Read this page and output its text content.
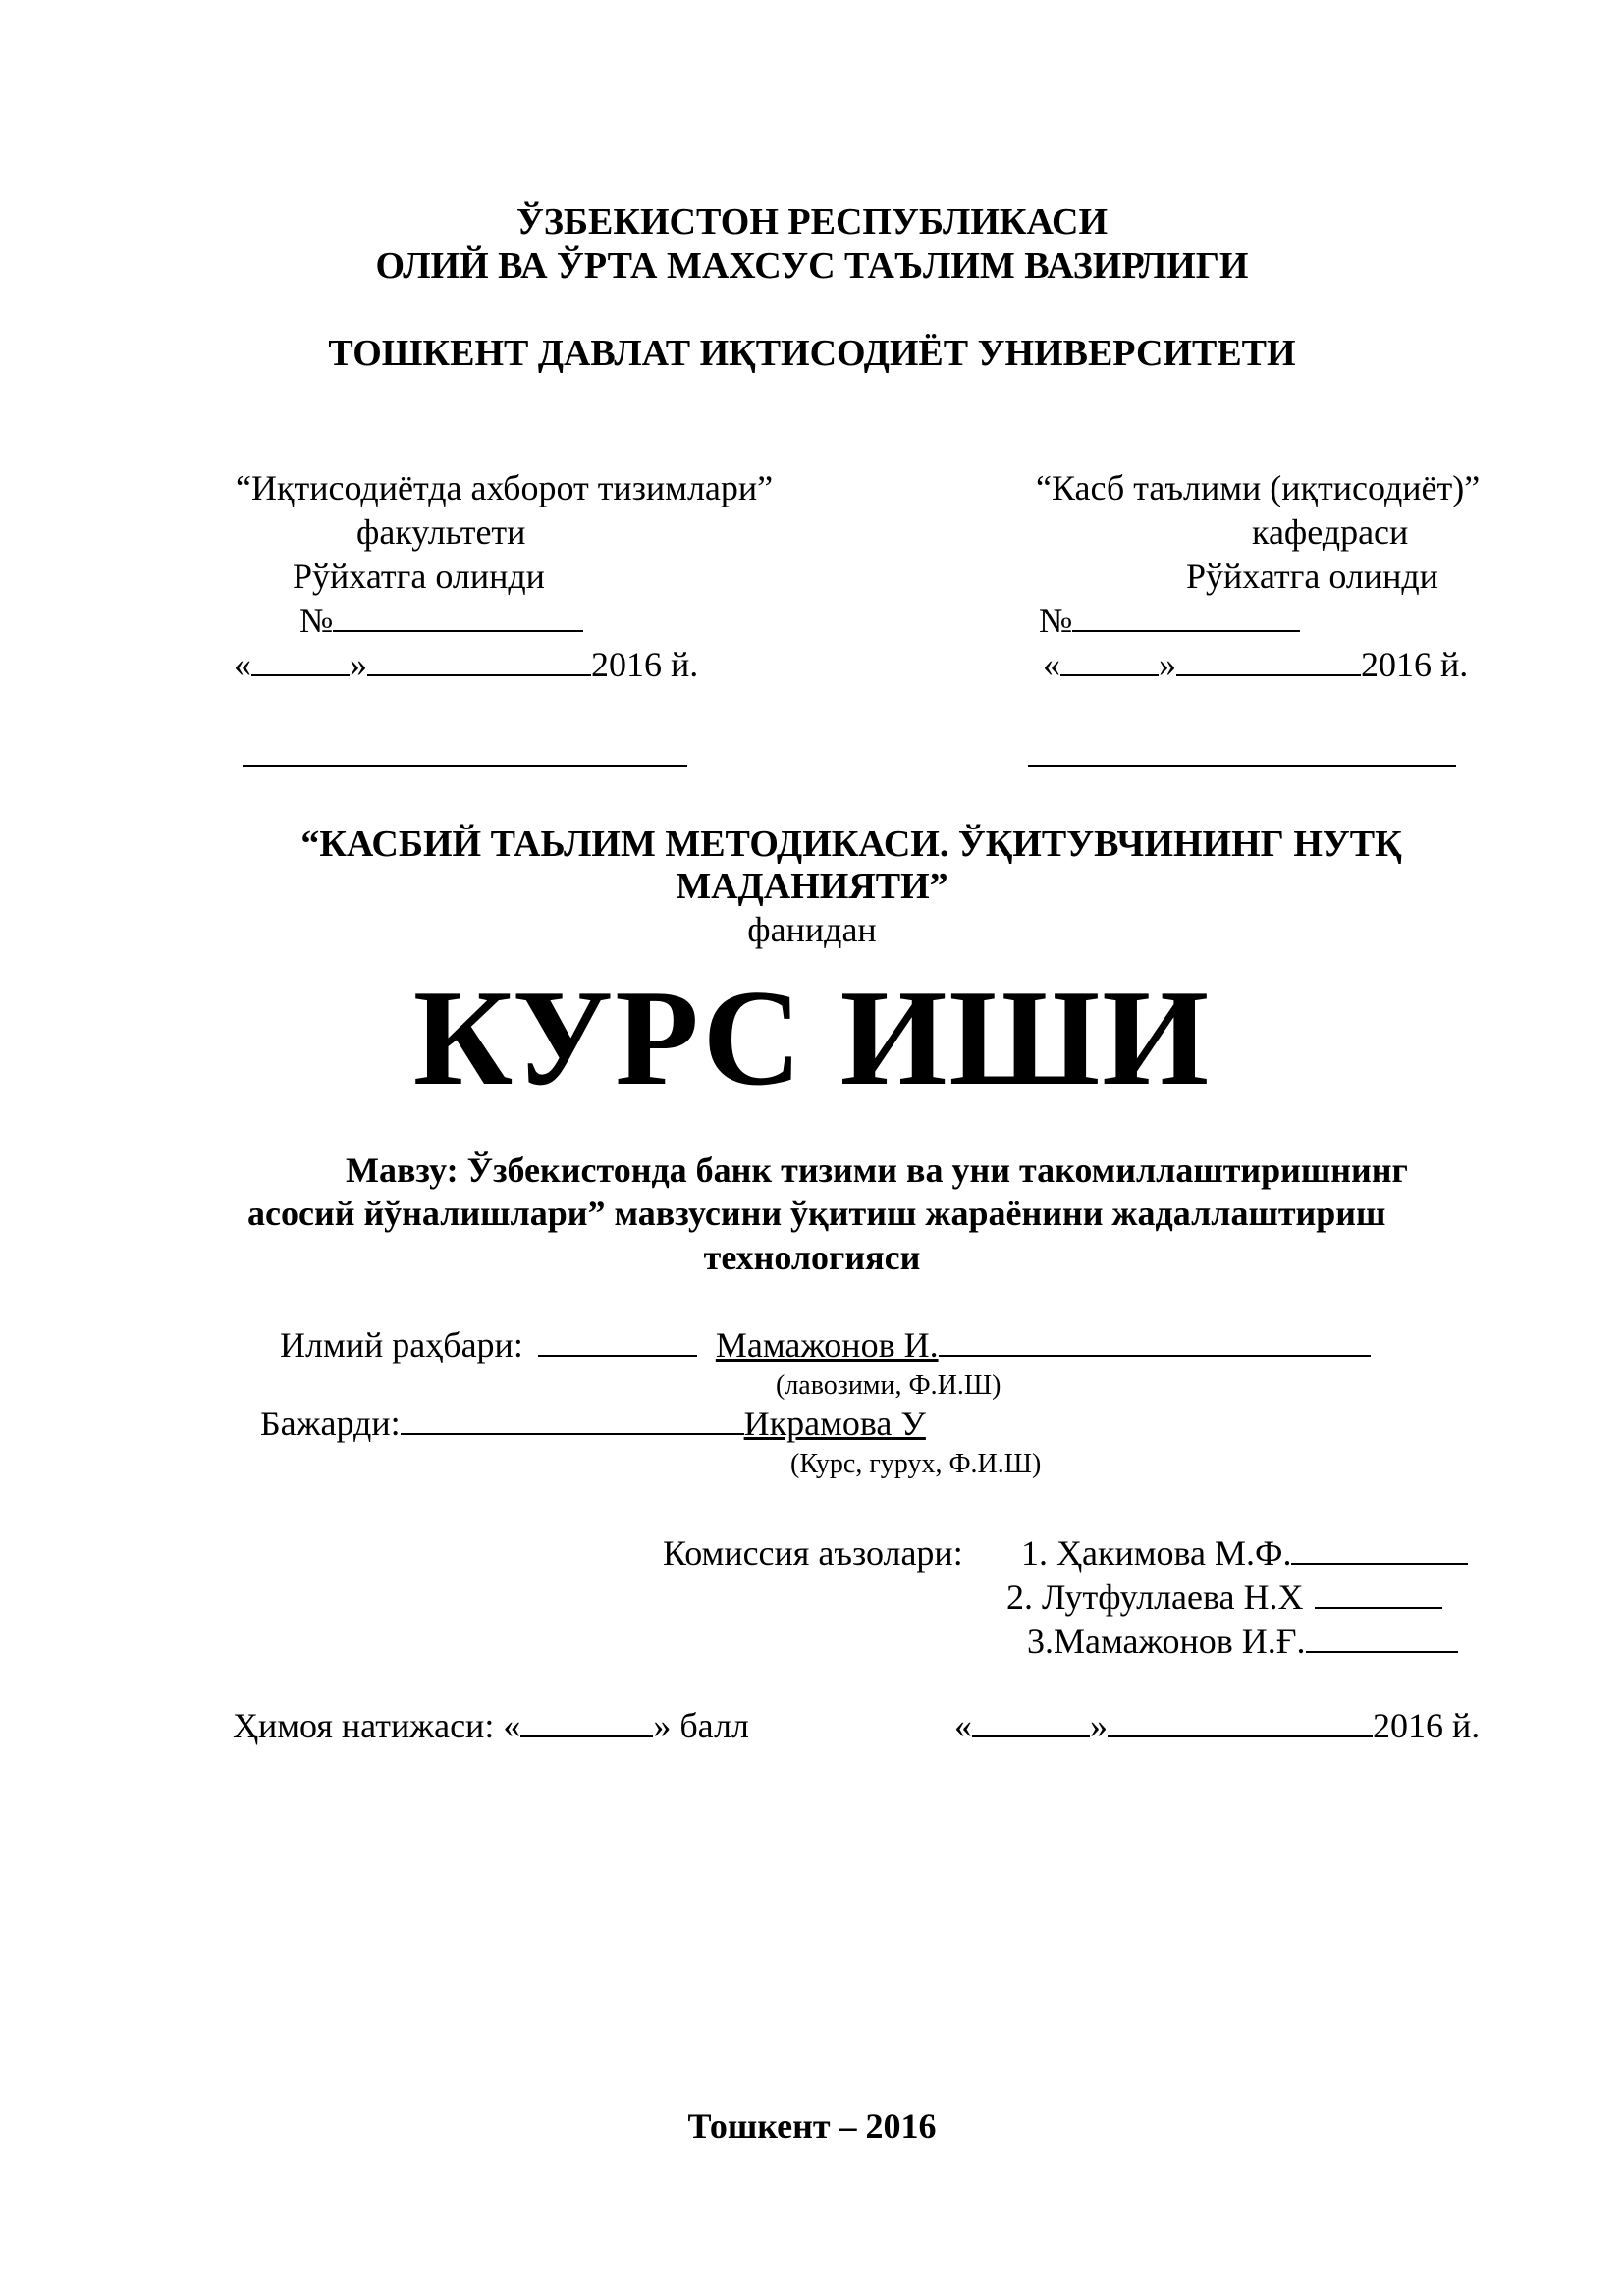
ЎЗБЕКИСТОН РЕСПУБЛИКАСИ
ОЛИЙ ВА ЎРТА МАХСУС ТАЪЛИМ ВАЗИРЛИГИ
ТОШКЕНТ ДАВЛАТ ИҚТИСОДИЁТ УНИВЕРСИТЕТИ
“Иқтисодиётда ахборот тизимлари”
факультети
Рўйхатга олинди
№
«	»	2016 й.
“Касб таълими (иқтисодиёт)”
кафедраси
Рўйхатга олинди
№
«	»	2016 й.
“КАСБИЙ ТАЬЛИМ МЕТОДИКАСИ. ЎҚИТУВЧИНИНГ НУТҚ
МАДАНИЯТИ”
фанидан
КУРС ИШИ
Мавзу: Ўзбекистонда банк тизими ва уни такомиллаштиришнинг
асосий йўналишлари” мавзусини ўқитиш жараёнини жадаллаштириш
технологияси
Илмий раҳбари:	Мамажонов И.
(лавозими, Ф.И.Ш)
Бажарди:	Икрамова У
(Курс, гурух, Ф.И.Ш)
Комиссия аъзолари: 1. Ҳакимова М.Ф.
2. Лутфуллаева Н.Х
3.Мамажонов И.Ғ.
Ҳимоя натижаси: «	» балл	«	»	2016 й.
Тошкент – 2016
